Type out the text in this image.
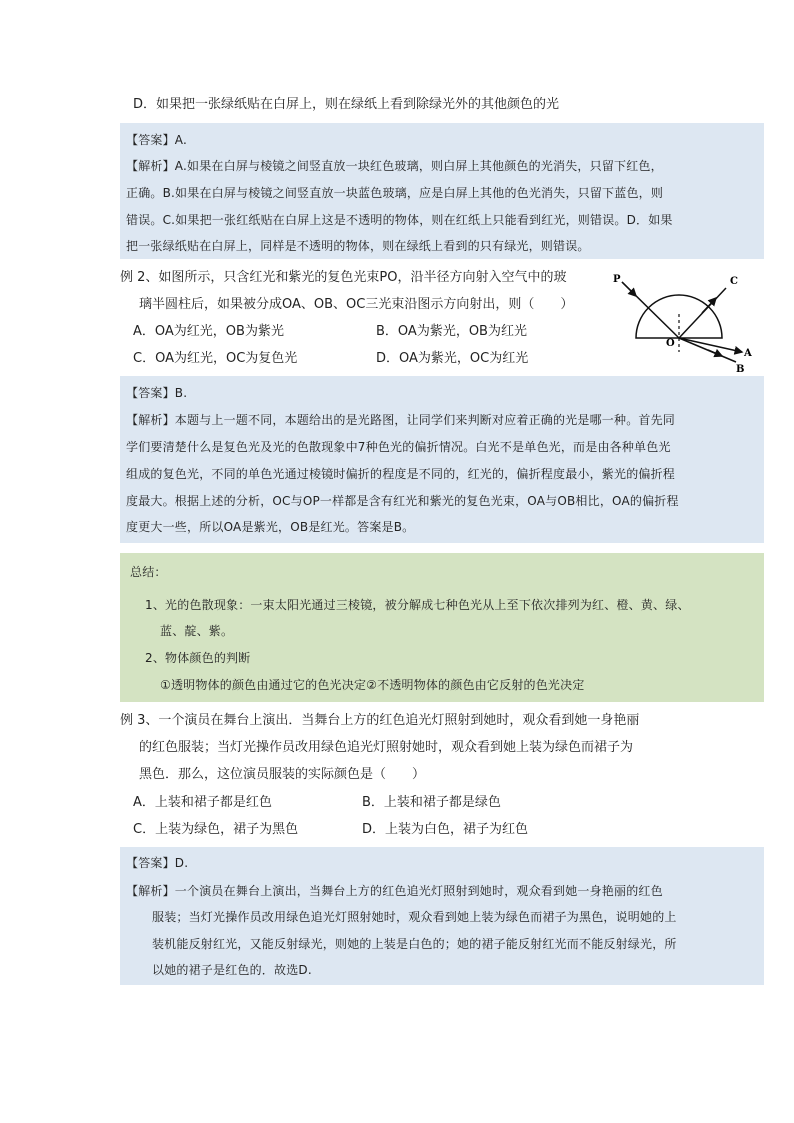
D．如果把一张绿纸贴在白屏上，则在绿纸上看到除绿光外的其他颜色的光
【答案】A.
【解析】A.如果在白屏与棱镜之间竖直放一块红色玻璃，则白屏上其他颜色的光消失，只留下红色，
正确。B.如果在白屏与棱镜之间竖直放一块蓝色玻璃，应是白屏上其他的色光消失，只留下蓝色，则
错误。C.如果把一张红纸贴在白屏上这是不透明的物体，则在红纸上只能看到红光，则错误。D．如果
把一张绿纸贴在白屏上，同样是不透明的物体，则在绿纸上看到的只有绿光，则错误。
例 2、如图所示，只含红光和紫光的复色光束PO，沿半径方向射入空气中的玻
璃半圆柱后，如果被分成OA、OB、OC三光束沿图示方向射出，则（　　）
A．OA为红光，OB为紫光	B．OA为紫光，OB为红光
C．OA为红光，OC为复色光	D．OA为紫光，OC为红光
P	C
O
A
B
【答案】B.
【解析】本题与上一题不同，本题给出的是光路图，让同学们来判断对应着正确的光是哪一种。首先同
学们要清楚什么是复色光及光的色散现象中7种色光的偏折情况。白光不是单色光，而是由各种单色光
组成的复色光，不同的单色光通过棱镜时偏折的程度是不同的，红光的，偏折程度最小，紫光的偏折程
度最大。根据上述的分析，OC与OP一样都是含有红光和紫光的复色光束，OA与OB相比，OA的偏折程
度更大一些，所以OA是紫光，OB是红光。答案是B。
总结：
1、光的色散现象：一束太阳光通过三棱镜，被分解成七种色光从上至下依次排列为红、橙、黄、绿、
蓝、靛、紫。
2、物体颜色的判断
①透明物体的颜色由通过它的色光决定②不透明物体的颜色由它反射的色光决定
例 3、一个演员在舞台上演出．当舞台上方的红色追光灯照射到她时，观众看到她一身艳丽
的红色服装；当灯光操作员改用绿色追光灯照射她时，观众看到她上装为绿色而裙子为
黑色．那么，这位演员服装的实际颜色是（　　）
A．上装和裙子都是红色	B．上装和裙子都是绿色
C．上装为绿色，裙子为黑色	D．上装为白色，裙子为红色
【答案】D.
【解析】一个演员在舞台上演出，当舞台上方的红色追光灯照射到她时，观众看到她一身艳丽的红色
服装；当灯光操作员改用绿色追光灯照射她时，观众看到她上装为绿色而裙子为黑色，说明她的上
装机能反射红光，又能反射绿光，则她的上装是白色的；她的裙子能反射红光而不能反射绿光，所
以她的裙子是红色的．故选D.
